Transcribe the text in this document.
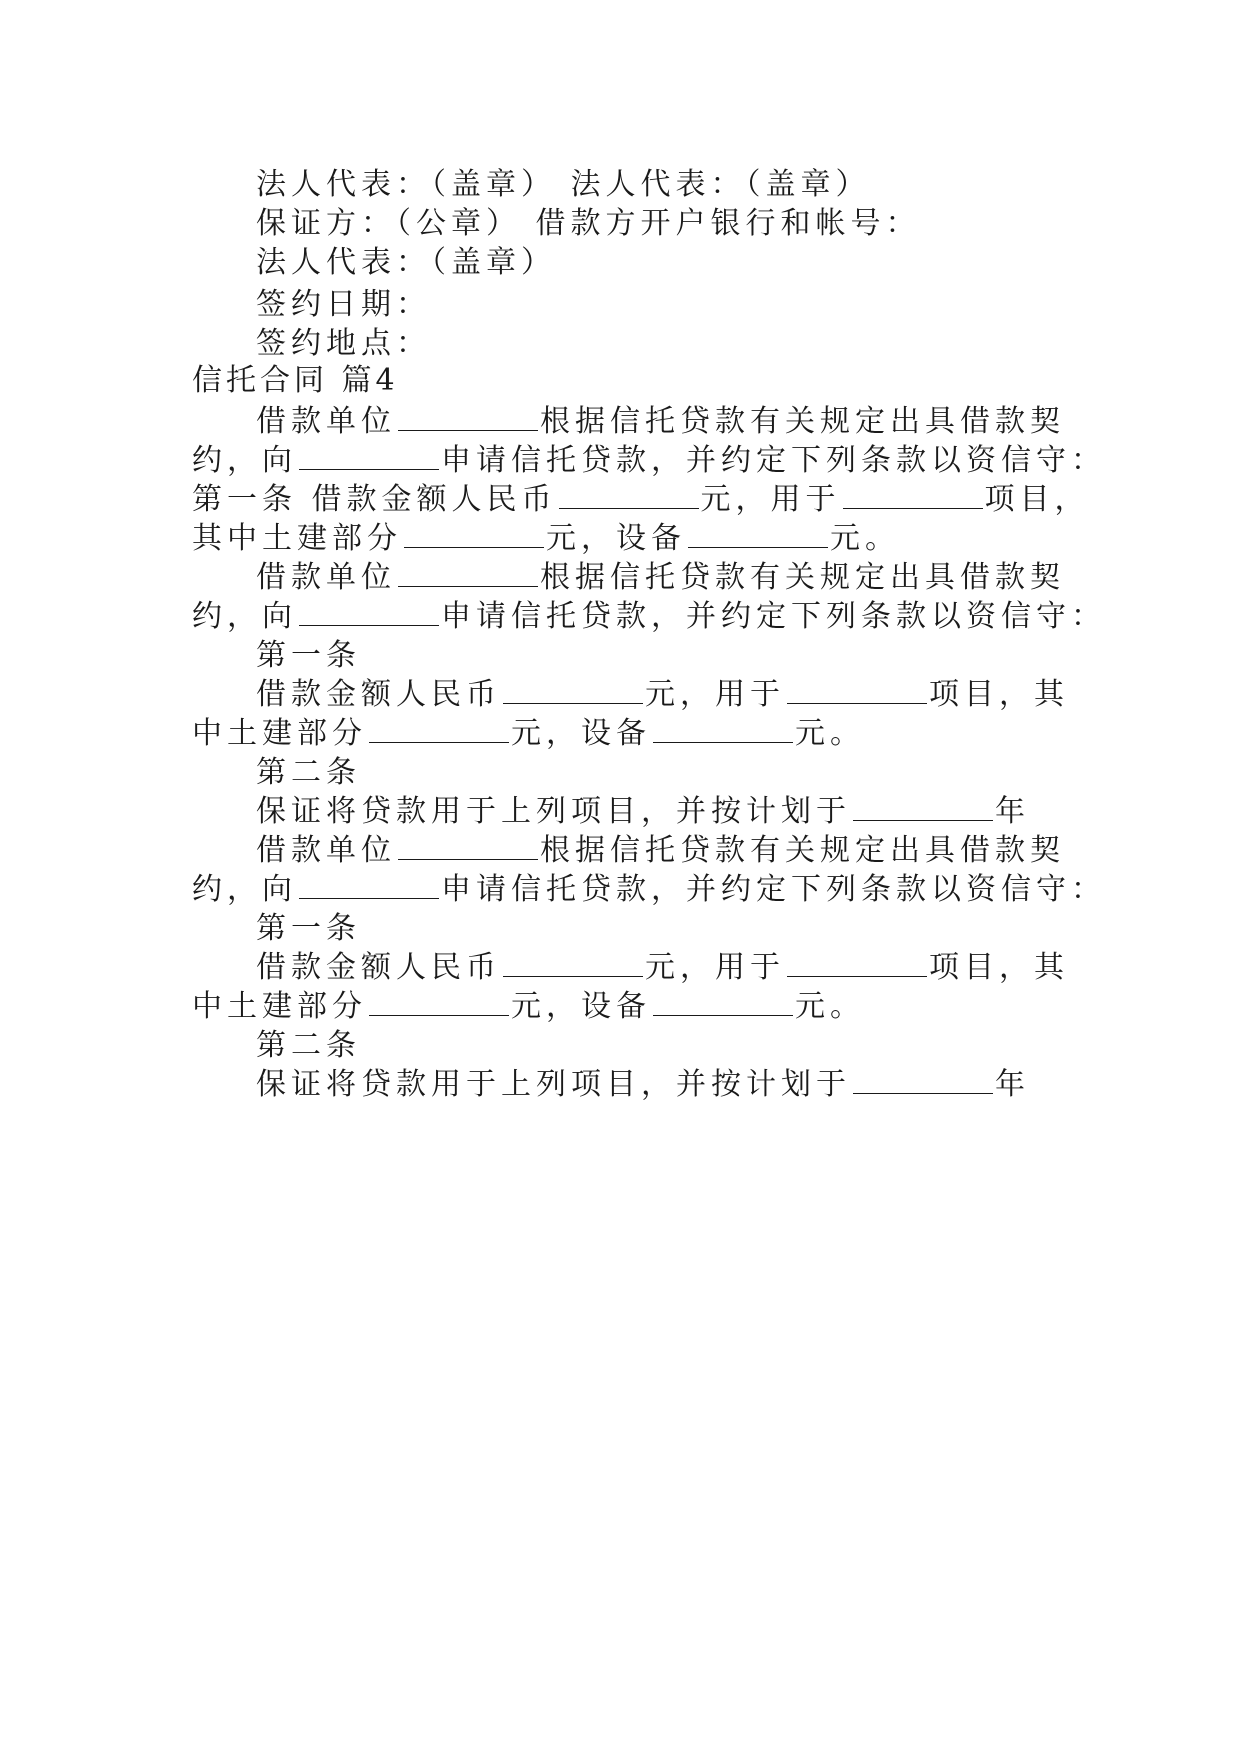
法人代表：（盖章） 法人代表：（盖章）
保证方：（公章） 借款方开户银行和帐号：
法人代表：（盖章）
签约日期：
签约地点：
信托合同 篇4
借款单位	根据信托贷款有关规定出具借款契
约，向	申请信托贷款，并约定下列条款以资信守：
第一条 借款金额人民币	元，用于	项目，
其中土建部分	元，设备	元。
借款单位	根据信托贷款有关规定出具借款契
约，向	申请信托贷款，并约定下列条款以资信守：
第一条
借款金额人民币	元，用于	项目，其
中土建部分	元，设备	元。
第二条
保证将贷款用于上列项目，并按计划于	年
借款单位	根据信托贷款有关规定出具借款契
约，向	申请信托贷款，并约定下列条款以资信守：
第一条
借款金额人民币	元，用于	项目，其
中土建部分	元，设备	元。
第二条
保证将贷款用于上列项目，并按计划于	年
